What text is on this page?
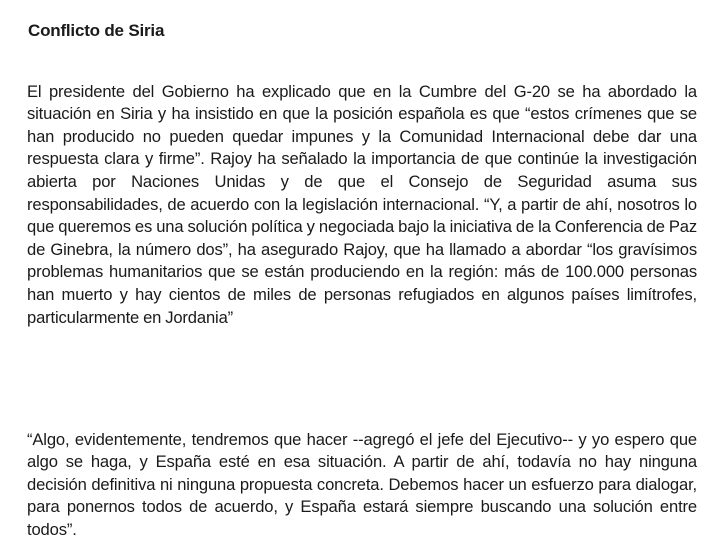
Conflicto de Siria

El presidente del Gobierno ha explicado que en la Cumbre del G-20 se ha abordado la situación en Siria y ha insistido en que la posición española es que “estos crímenes que se han producido no pueden quedar impunes y la Comunidad Internacional debe dar una respuesta clara y firme”. Rajoy ha señalado la importancia de que continúe la investigación abierta por Naciones Unidas y de que el Consejo de Seguridad asuma sus responsabilidades, de acuerdo con la legislación internacional. “Y, a partir de ahí, nosotros lo que queremos es una solución política y negociada bajo la iniciativa de la Conferencia de Paz de Ginebra, la número dos”, ha asegurado Rajoy, que ha llamado a abordar “los gravísimos problemas humanitarios que se están produciendo en la región: más de 100.000 personas han muerto y hay cientos de miles de personas refugiados en algunos países limítrofes, particularmente en Jordania”

“Algo, evidentemente, tendremos que hacer --agregó el jefe del Ejecutivo-- y yo espero que algo se haga, y España esté en esa situación. A partir de ahí, todavía no hay ninguna decisión definitiva ni ninguna propuesta concreta. Debemos hacer un esfuerzo para dialogar, para ponernos todos de acuerdo, y España estará siempre buscando una solución entre todos”.
